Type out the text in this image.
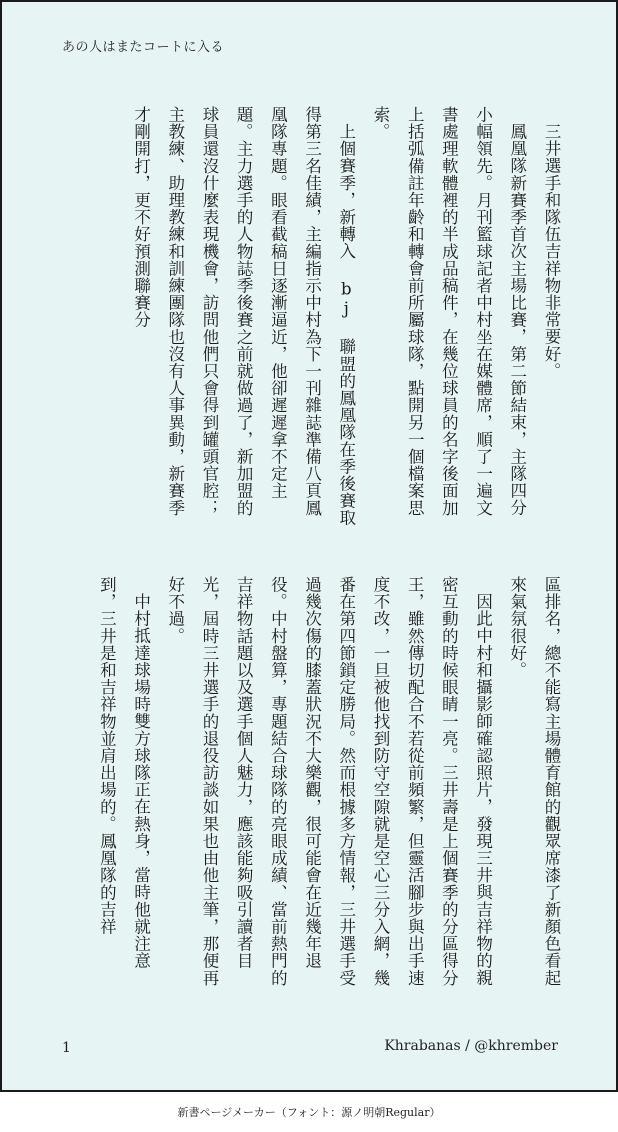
あの人はまたコートに入る

三井選手和隊伍吉祥物非常要好。

鳳凰隊新賽季首次主場比賽，第二節結束，主隊四分小幅領先。月刊籃球記者中村坐在媒體席，順了一遍文書處理軟體裡的半成品稿件，在幾位球員的名字後面加上括弧備註年齡和轉會前所屬球隊，點開另一個檔案思索。

上個賽季，新轉入 bj 聯盟的鳳凰隊在季後賽取得第三名佳績，主編指示中村為下一刊雜誌準備八頁鳳凰隊專題。眼看截稿日逐漸逼近，他卻遲遲拿不定主題。主力選手的人物誌季後賽之前就做過了，新加盟的球員還沒什麼表現機會，訪問他們只會得到罐頭官腔；主教練、助理教練和訓練團隊也沒有人事異動，新賽季才剛開打，更不好預測聯賽分

區排名，總不能寫主場體育館的觀眾席漆了新顏色看起來氣氛很好。

因此中村和攝影師確認照片，發現三井與吉祥物的親密互動的時候眼睛一亮。三井壽是上個賽季的分區得分王，雖然傳切配合不若從前頻繁，但靈活腳步與出手速度不改，一旦被他找到防守空隙就是空心三分入網，幾番在第四節鎖定勝局。然而根據多方情報，三井選手受過幾次傷的膝蓋狀況不大樂觀，很可能會在近幾年退役。中村盤算，專題結合球隊的亮眼成績、當前熱門的吉祥物話題以及選手個人魅力，應該能夠吸引讀者目光，屆時三井選手的退役訪談如果也由他主筆，那便再好不過。

中村抵達球場時雙方球隊正在熱身，當時他就注意到，三井是和吉祥物並肩出場的。鳳凰隊的吉祥

1	Khrabanas / @khrember
新書ページメーカー（フォント：源ノ明朝Regular）
